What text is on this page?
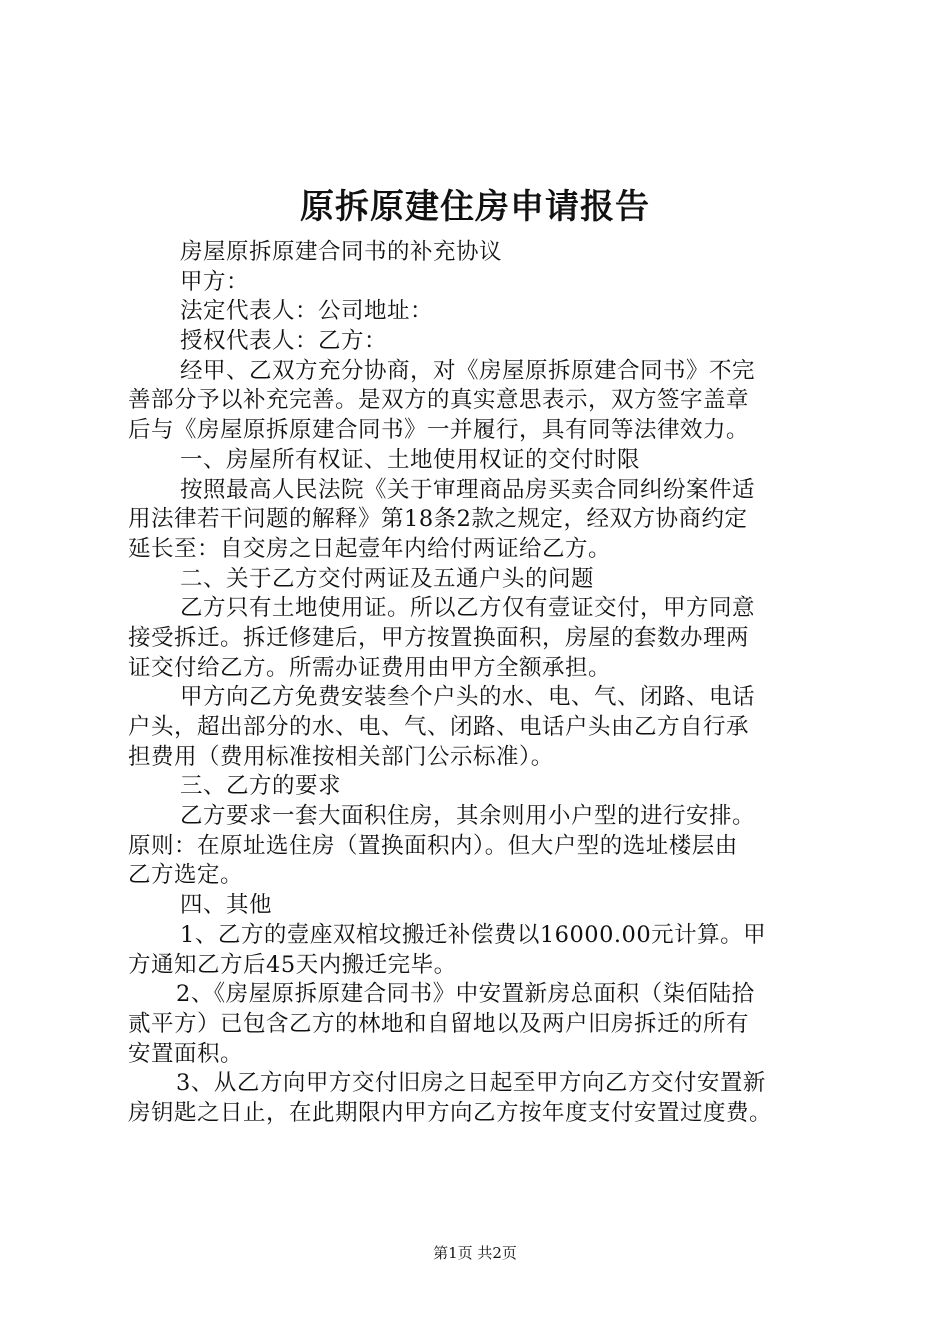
原拆原建住房申请报告
房屋原拆原建合同书的补充协议
甲方：
法定代表人：公司地址：
授权代表人：乙方：
经甲、乙双方充分协商，对《房屋原拆原建合同书》不完
善部分予以补充完善。是双方的真实意思表示，双方签字盖章
后与《房屋原拆原建合同书》一并履行，具有同等法律效力。
一、房屋所有权证、土地使用权证的交付时限
按照最高人民法院《关于审理商品房买卖合同纠纷案件适
用法律若干问题的解释》第18条2款之规定，经双方协商约定
延长至：自交房之日起壹年内给付两证给乙方。
二、关于乙方交付两证及五通户头的问题
乙方只有土地使用证。所以乙方仅有壹证交付，甲方同意
接受拆迁。拆迁修建后，甲方按置换面积，房屋的套数办理两
证交付给乙方。所需办证费用由甲方全额承担。
甲方向乙方免费安装叁个户头的水、电、气、闭路、电话
户头，超出部分的水、电、气、闭路、电话户头由乙方自行承
担费用（费用标准按相关部门公示标准）。
三、乙方的要求
乙方要求一套大面积住房，其余则用小户型的进行安排。
原则：在原址选住房（置换面积内）。但大户型的选址楼层由
乙方选定。
四、其他
1、乙方的壹座双棺坟搬迁补偿费以16000.00元计算。甲
方通知乙方后45天内搬迁完毕。
2、《房屋原拆原建合同书》中安置新房总面积（柒佰陆拾
贰平方）已包含乙方的林地和自留地以及两户旧房拆迁的所有
安置面积。
3、从乙方向甲方交付旧房之日起至甲方向乙方交付安置新
房钥匙之日止，在此期限内甲方向乙方按年度支付安置过度费。
第1页 共2页
